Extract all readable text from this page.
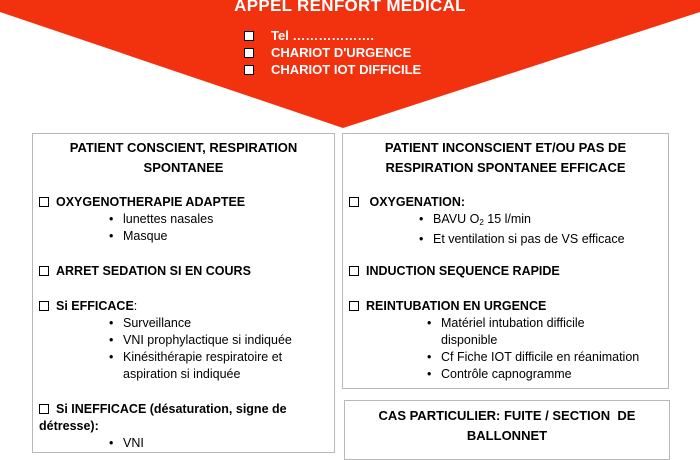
APPEL RENFORT MEDICAL
Tel ……………….
CHARIOT D'URGENCE
CHARIOT IOT DIFFICILE
PATIENT CONSCIENT, RESPIRATION
SPONTANEE
OXYGENOTHERAPIE ADAPTEE
• lunettes nasales
• Masque
ARRET SEDATION SI EN COURS
Si EFFICACE :
• Surveillance
• VNI prophylactique si indiquée
• Kinésithérapie respiratoire et
aspiration si indiquée
Si INEFFICACE (désaturation, signe de
détresse):
• VNI
PATIENT INCONSCIENT ET/OU PAS DE
RESPIRATION SPONTANEE EFFICACE
OXYGENATION:
• BAVU $O_2$ 15 l/min
• Et ventilation si pas de VS efficace
INDUCTION SEQUENCE RAPIDE
REINTUBATION EN URGENCE
• Matériel intubation difficile
disponible
• Cf Fiche IOT difficile en réanimation
• Contrôle capnogramme
CAS PARTICULIER: FUITE / SECTION  DE
BALLONNET
